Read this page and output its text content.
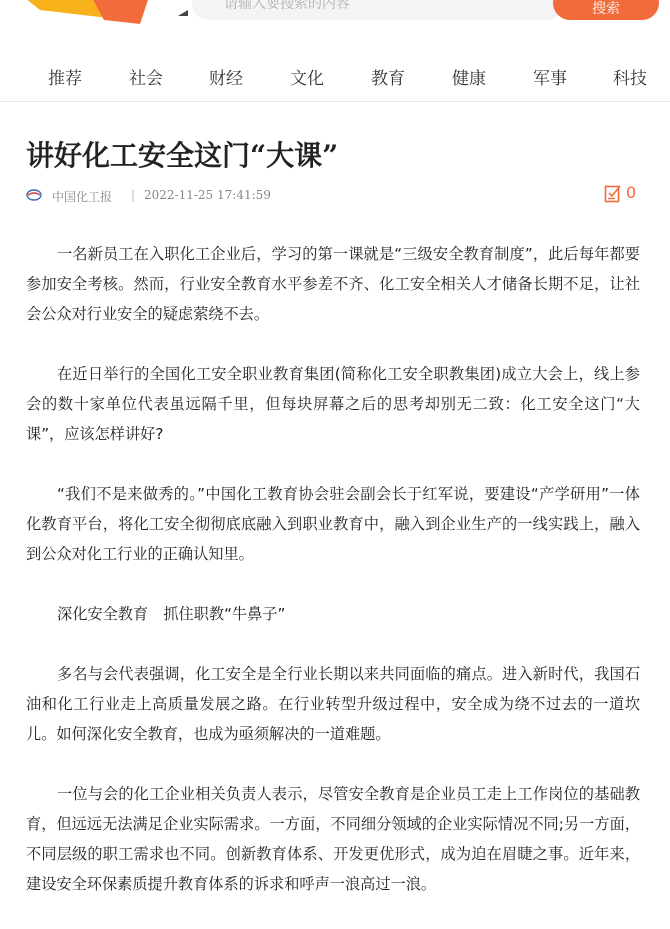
请输入要搜索的内容
搜索
推荐	社会	财经	文化	教育	健康	军事	科技
讲好化工安全这门“大课”
中国化工报 | 2022-11-25 17:41:59	0

一名新员工在入职化工企业后，学习的第一课就是“三级安全教育制度”，此后每年都要参加安全考核。然而，行业安全教育水平参差不齐、化工安全相关人才储备长期不足，让社会公众对行业安全的疑虑萦绕不去。

在近日举行的全国化工安全职业教育集团(简称化工安全职教集团)成立大会上，线上参会的数十家单位代表虽远隔千里，但每块屏幕之后的思考却别无二致：化工安全这门“大课”，应该怎样讲好?

“我们不是来做秀的。”中国化工教育协会驻会副会长于红军说，要建设“产学研用”一体化教育平台，将化工安全彻彻底底融入到职业教育中，融入到企业生产的一线实践上，融入到公众对化工行业的正确认知里。

深化安全教育　抓住职教“牛鼻子”

多名与会代表强调，化工安全是全行业长期以来共同面临的痛点。进入新时代，我国石油和化工行业走上高质量发展之路。在行业转型升级过程中，安全成为绕不过去的一道坎儿。如何深化安全教育，也成为亟须解决的一道难题。

一位与会的化工企业相关负责人表示，尽管安全教育是企业员工走上工作岗位的基础教育，但远远无法满足企业实际需求。一方面，不同细分领域的企业实际情况不同;另一方面，不同层级的职工需求也不同。创新教育体系、开发更优形式，成为迫在眉睫之事。近年来，建设安全环保素质提升教育体系的诉求和呼声一浪高过一浪。
